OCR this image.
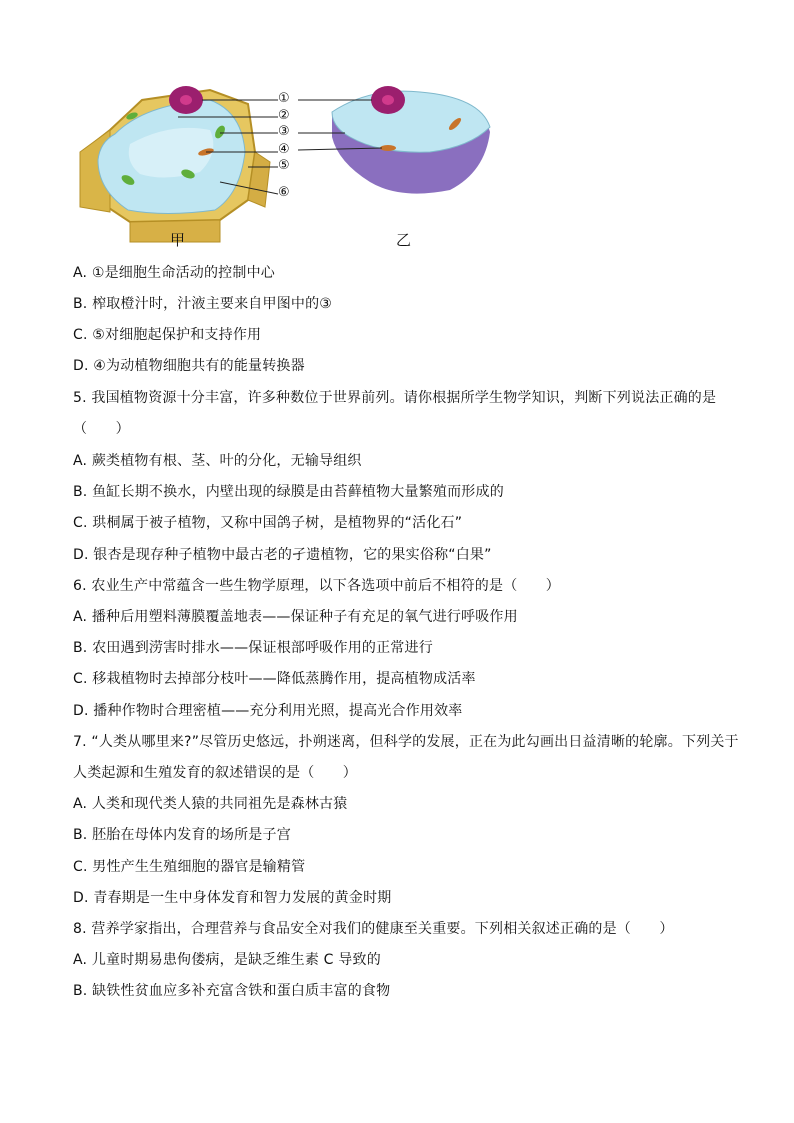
①
②
③
④
⑤
⑥
甲	乙
A. ①是细胞生命活动的控制中心
B. 榨取橙汁时，汁液主要来自甲图中的③
C. ⑤对细胞起保护和支持作用
D. ④为动植物细胞共有的能量转换器
5. 我国植物资源十分丰富，许多种数位于世界前列。请你根据所学生物学知识，判断下列说法正确的是
（　　）
A. 蕨类植物有根、茎、叶的分化，无输导组织
B. 鱼缸长期不换水，内壁出现的绿膜是由苔藓植物大量繁殖而形成的
C. 珙桐属于被子植物，又称中国鸽子树，是植物界的“活化石”
D. 银杏是现存种子植物中最古老的孑遗植物，它的果实俗称“白果”
6. 农业生产中常蕴含一些生物学原理，以下各选项中前后不相符的是（　　）
A. 播种后用塑料薄膜覆盖地表——保证种子有充足的氧气进行呼吸作用
B. 农田遇到涝害时排水——保证根部呼吸作用的正常进行
C. 移栽植物时去掉部分枝叶——降低蒸腾作用，提高植物成活率
D. 播种作物时合理密植——充分利用光照，提高光合作用效率
7. “人类从哪里来?”尽管历史悠远，扑朔迷离，但科学的发展，正在为此勾画出日益清晰的轮廓。下列关于
人类起源和生殖发育的叙述错误的是（　　）
A. 人类和现代类人猿的共同祖先是森林古猿
B. 胚胎在母体内发育的场所是子宫
C. 男性产生生殖细胞的器官是输精管
D. 青春期是一生中身体发育和智力发展的黄金时期
8. 营养学家指出，合理营养与食品安全对我们的健康至关重要。下列相关叙述正确的是（　　）
A. 儿童时期易患佝偻病，是缺乏维生素 C 导致的
B. 缺铁性贫血应多补充富含铁和蛋白质丰富的食物
